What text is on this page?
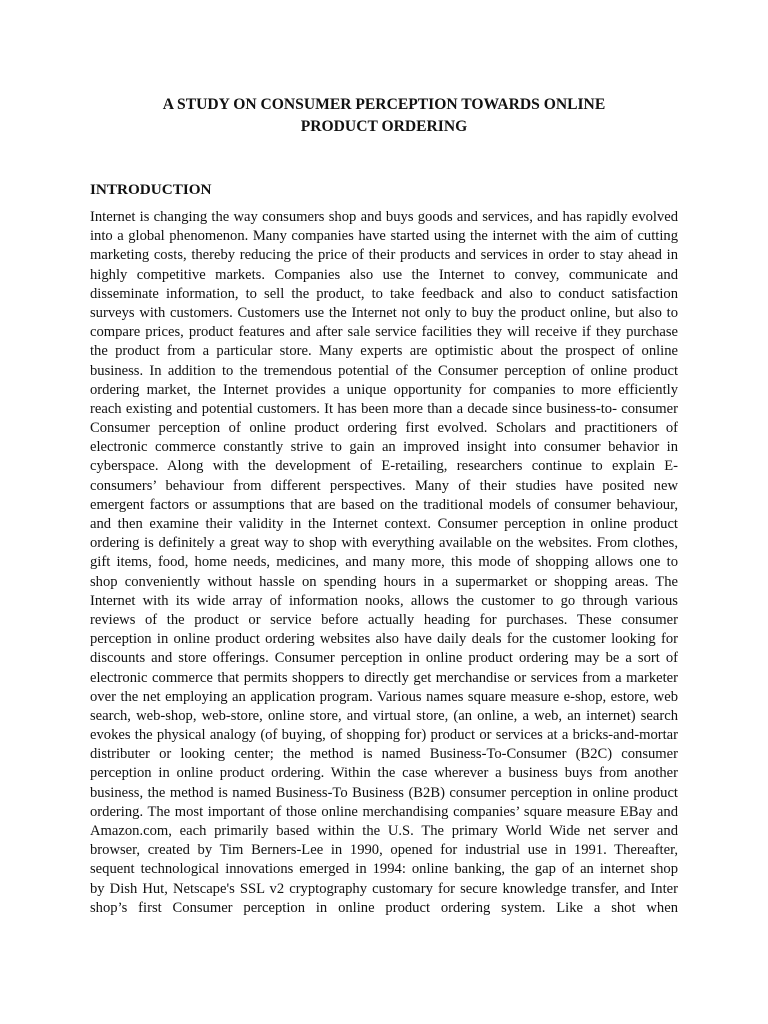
A STUDY ON CONSUMER PERCEPTION TOWARDS ONLINE
PRODUCT ORDERING
INTRODUCTION
Internet is changing the way consumers shop and buys goods and services, and has rapidly evolved
into a global phenomenon. Many companies have started using the internet with the aim of cutting
marketing costs, thereby reducing the price of their products and services in order to stay ahead in
highly competitive markets. Companies also use the Internet to convey, communicate and
disseminate information, to sell the product, to take feedback and also to conduct satisfaction
surveys with customers. Customers use the Internet not only to buy the product online, but also to
compare prices, product features and after sale service facilities they will receive if they purchase
the product from a particular store. Many experts are optimistic about the prospect of online
business. In addition to the tremendous potential of the Consumer perception of online product
ordering market, the Internet provides a unique opportunity for companies to more efficiently
reach existing and potential customers. It has been more than a decade since business-to- consumer
Consumer perception of online product ordering first evolved. Scholars and practitioners of
electronic commerce constantly strive to gain an improved insight into consumer behavior in
cyberspace. Along with the development of E-retailing, researchers continue to explain E-
consumers’ behaviour from different perspectives. Many of their studies have posited new
emergent factors or assumptions that are based on the traditional models of consumer behaviour,
and then examine their validity in the Internet context. Consumer perception in online product
ordering is definitely a great way to shop with everything available on the websites. From clothes,
gift items, food, home needs, medicines, and many more, this mode of shopping allows one to
shop conveniently without hassle on spending hours in a supermarket or shopping areas. The
Internet with its wide array of information nooks, allows the customer to go through various
reviews of the product or service before actually heading for purchases. These consumer
perception in online product ordering websites also have daily deals for the customer looking for
discounts and store offerings. Consumer perception in online product ordering may be a sort of
electronic commerce that permits shoppers to directly get merchandise or services from a marketer
over the net employing an application program. Various names square measure e-shop, estore, web
search, web-shop, web-store, online store, and virtual store, (an online, a web, an internet) search
evokes the physical analogy (of buying, of shopping for) product or services at a bricks-and-mortar
distributer or looking center; the method is named Business-To-Consumer (B2C) consumer
perception in online product ordering. Within the case wherever a business buys from another
business, the method is named Business-To Business (B2B) consumer perception in online product
ordering. The most important of those online merchandising companies’ square measure EBay and
Amazon.com, each primarily based within the U.S. The primary World Wide net server and
browser, created by Tim Berners-Lee in 1990, opened for industrial use in 1991. Thereafter,
sequent technological innovations emerged in 1994: online banking, the gap of an internet shop
by Dish Hut, Netscape's SSL v2 cryptography customary for secure knowledge transfer, and Inter
shop’s first Consumer perception in online product ordering system. Like a shot when
